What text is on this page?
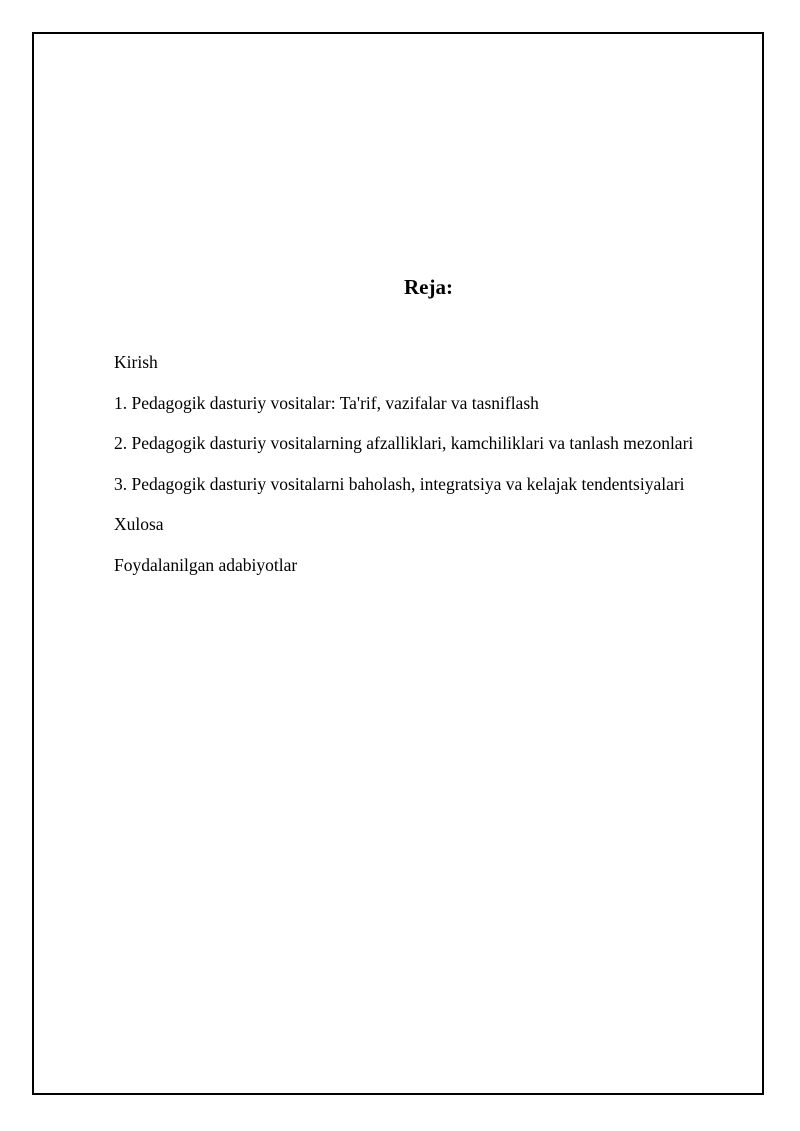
Reja:
Kirish
1. Pedagogik dasturiy vositalar: Ta'rif, vazifalar va tasniflash
2. Pedagogik dasturiy vositalarning afzalliklari, kamchiliklari va tanlash mezonlari
3. Pedagogik dasturiy vositalarni baholash, integratsiya va kelajak tendentsiyalari
Xulosa
Foydalanilgan adabiyotlar
